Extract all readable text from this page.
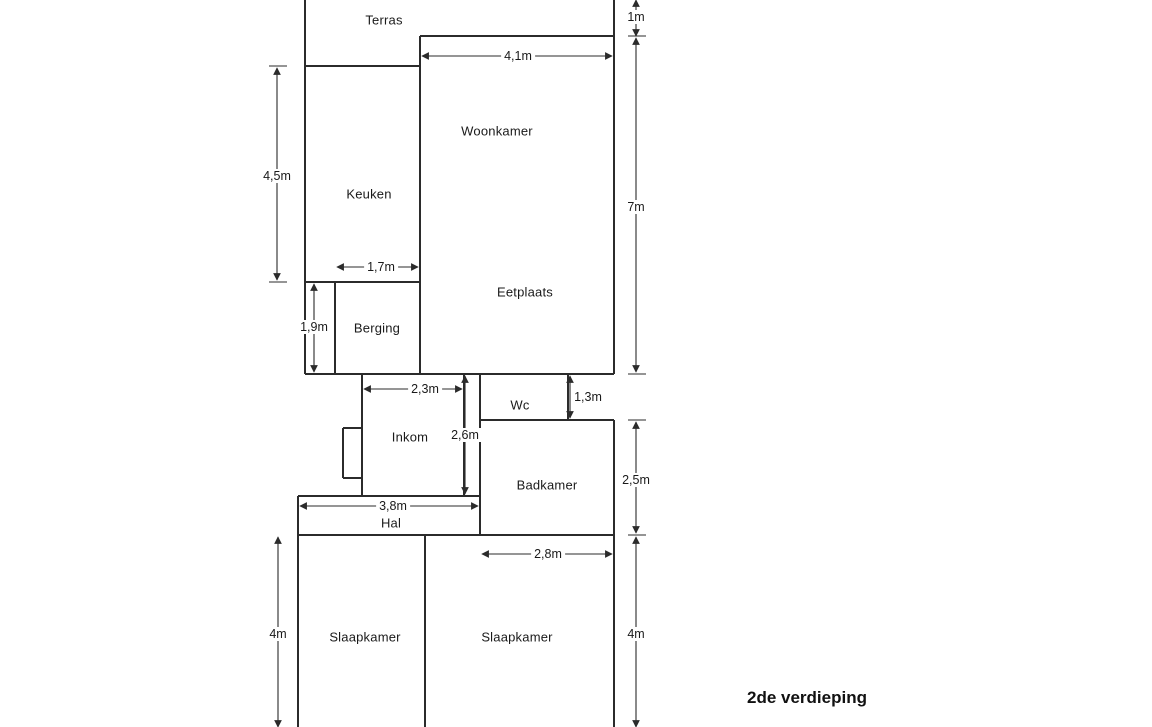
Terras
Woonkamer
Keuken
Eetplaats
Berging
Wc
Inkom
Badkamer
Hal
Slaapkamer	Slaapkamer
1m
4,1m
4,5m
7m
1,7m
1,9m
2,3m
1,3m
2,6m
2,5m
3,8m
2,8m
4m	4m
2de verdieping
